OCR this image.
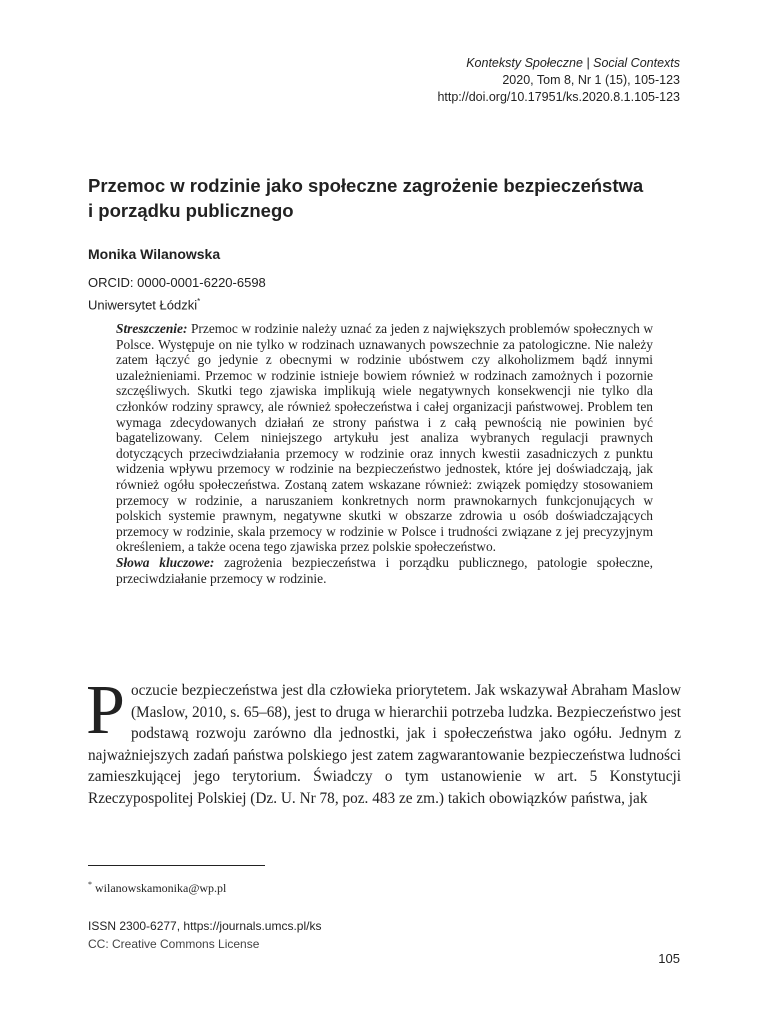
Konteksty Społeczne | Social Contexts
2020, Tom 8, Nr 1 (15), 105-123
http://doi.org/10.17951/ks.2020.8.1.105-123
Przemoc w rodzinie jako społeczne zagrożenie bezpieczeństwa i porządku publicznego
Monika Wilanowska
ORCID: 0000-0001-6220-6598
Uniwersytet Łódzki*

Streszczenie: Przemoc w rodzinie należy uznać za jeden z największych problemów społecznych w Polsce. Występuje on nie tylko w rodzinach uznawanych powszechnie za patologiczne. Nie należy zatem łączyć go jedynie z obecnymi w rodzinie ubóstwem czy alkoholizmem bądź innymi uzależnieniami. Przemoc w rodzinie istnieje bowiem również w rodzinach zamożnych i pozornie szczęśliwych. Skutki tego zjawiska implikują wiele negatywnych konsekwencji nie tylko dla członków rodziny sprawcy, ale również społeczeństwa i całej organizacji państwowej. Problem ten wymaga zdecydowanych działań ze strony państwa i z całą pewnością nie powinien być bagatelizowany. Celem niniejszego artykułu jest analiza wybranych regulacji prawnych dotyczących przeciwdziałania przemocy w rodzinie oraz innych kwestii zasadniczych z punktu widzenia wpływu przemocy w rodzinie na bezpieczeństwo jednostek, które jej doświadczają, jak również ogółu społeczeństwa. Zostaną zatem wskazane również: związek pomiędzy stosowaniem przemocy w rodzinie, a naruszaniem konkretnych norm prawnokarnych funkcjonujących w polskich systemie prawnym, negatywne skutki w obszarze zdrowia u osób doświadczających przemocy w rodzinie, skala przemocy w rodzinie w Polsce i trudności związane z jej precyzyjnym określeniem, a także ocena tego zjawiska przez polskie społeczeństwo.

Słowa kluczowe: zagrożenia bezpieczeństwa i porządku publicznego, patologie społeczne, przeciwdziałanie przemocy w rodzinie.

Poczucie bezpieczeństwa jest dla człowieka priorytetem. Jak wskazywał Abraham Maslow (Maslow, 2010, s. 65–68), jest to druga w hierarchii potrzeba ludzka. Bezpieczeństwo jest podstawą rozwoju zarówno dla jednostki, jak i społeczeństwa jako ogółu. Jednym z najważniejszych zadań państwa polskiego jest zatem zagwarantowanie bezpieczeństwa ludności zamieszkującej jego terytorium. Świadczy o tym ustanowienie w art. 5 Konstytucji Rzeczypospolitej Polskiej (Dz. U. Nr 78, poz. 483 ze zm.) takich obowiązków państwa, jak

* wilanowskamonika@wp.pl
ISSN 2300-6277, https://journals.umcs.pl/ks
CC: Creative Commons License
105
